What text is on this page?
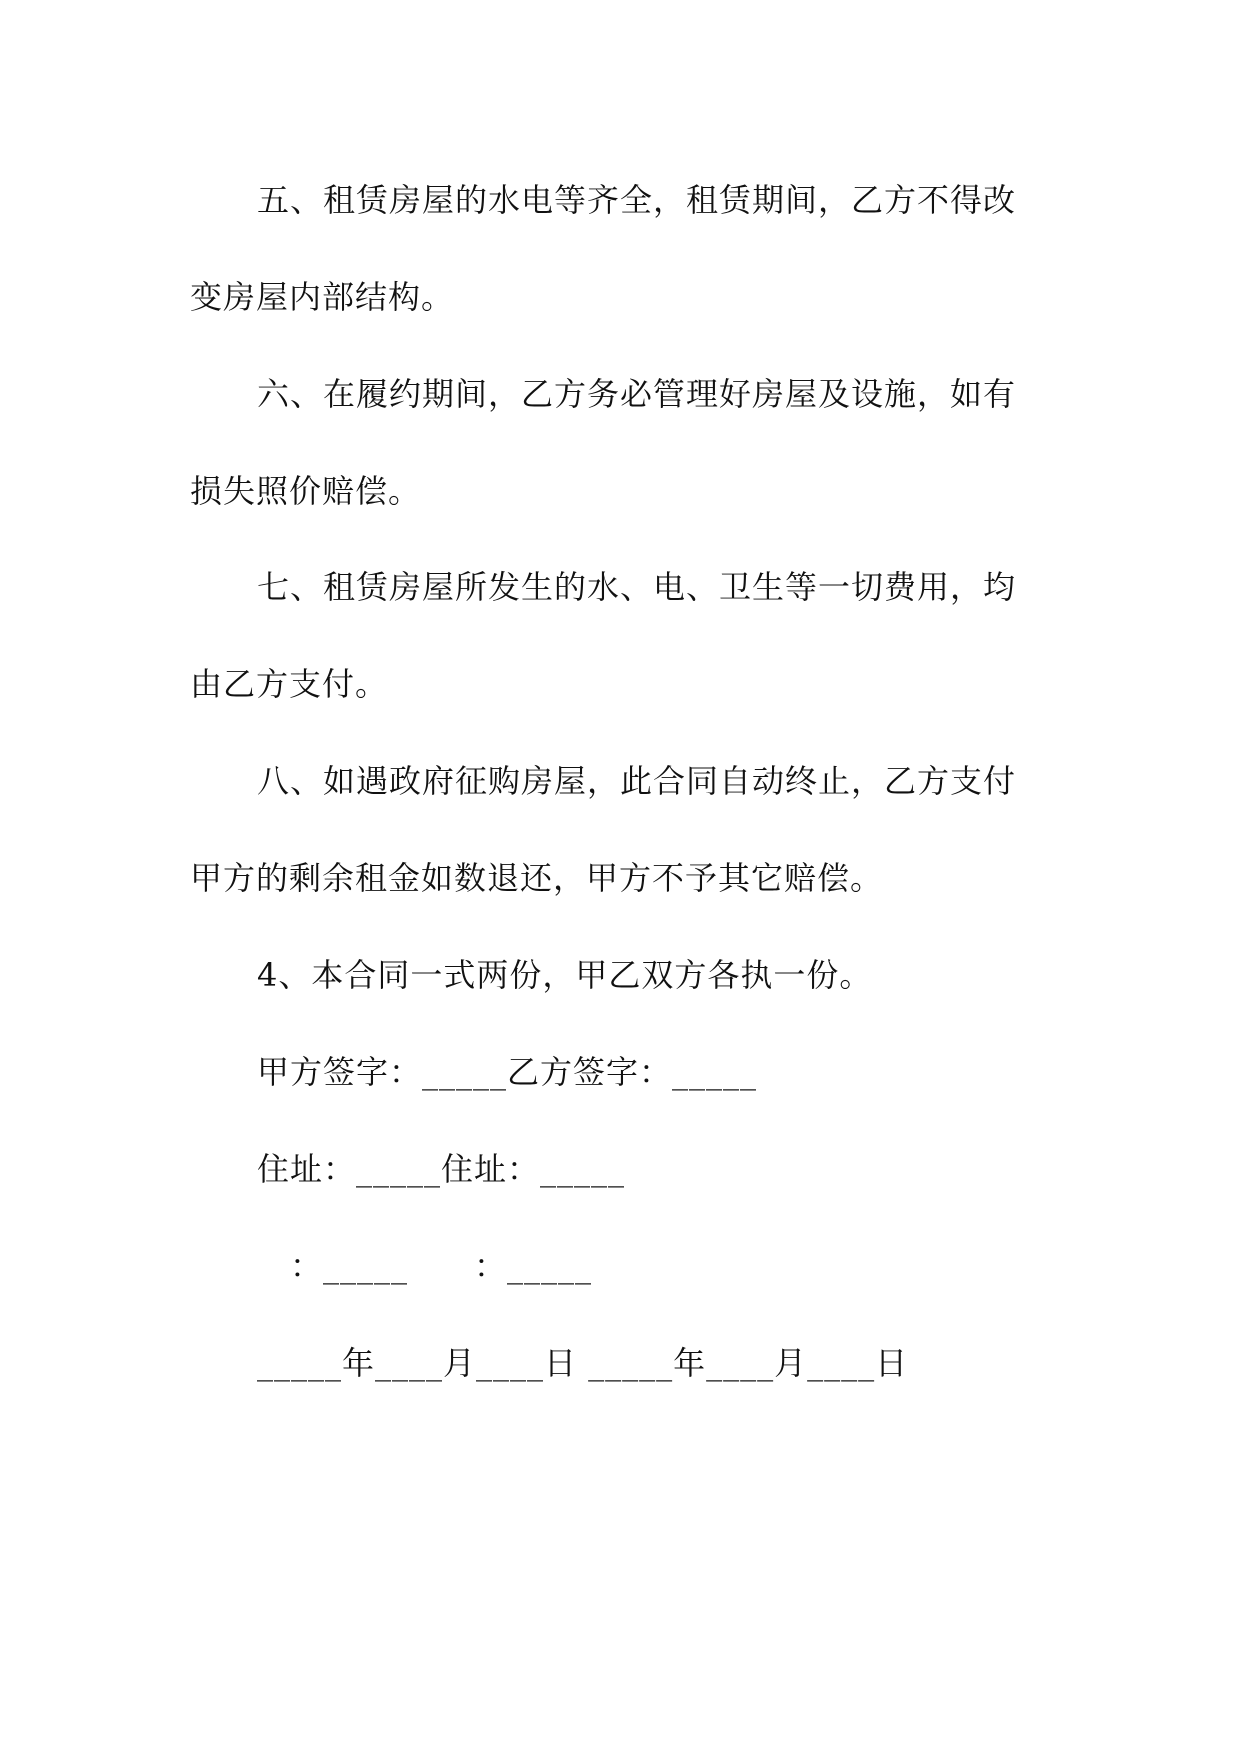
五、租赁房屋的水电等齐全，租赁期间，乙方不得改
变房屋内部结构。
六、在履约期间，乙方务必管理好房屋及设施，如有
损失照价赔偿。
七、租赁房屋所发生的水、电、卫生等一切费用，均
由乙方支付。
八、如遇政府征购房屋，此合同自动终止，乙方支付
甲方的剩余租金如数退还，甲方不予其它赔偿。
4、本合同一式两份，甲乙双方各执一份。
甲方签字：_____乙方签字：_____
住址：_____住址：_____
　：_____　　：_____
_____年____月____日 _____年____月____日
